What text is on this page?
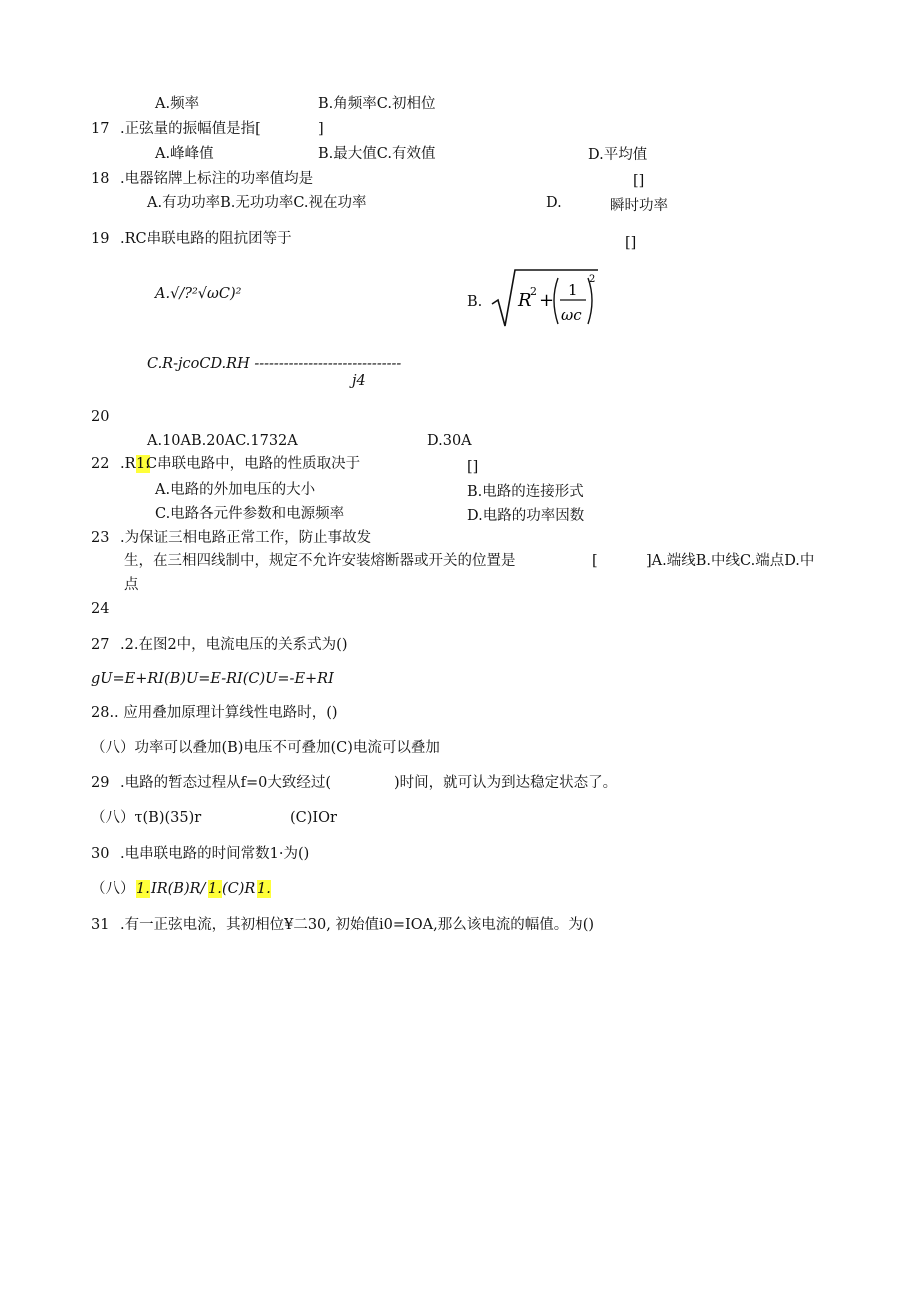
A.频率	B.角频率C.初相位
17 .正弦量的振幅值是指[	]
A.峰峰值	B.最大值C.有效值	D.平均值
18 .电器铭牌上标注的功率值均是	[]
A.有功功率B.无功功率C.视在功率	D.	瞬时功率
19 .RC串联电路的阻抗团等于	[]
A.√/?²√ωC)²	B. R
2 + 1
ωc
2
C.R-jcoCD.RH ------------------------------
j4
20
A.10AB.20AC.1732A	D.30A
22 .R 1.
C串联电路中，电路的性质取决于	[]
A.电路的外加电压的大小	B.电路的连接形式
C.电路各元件参数和电源频率	D.电路的功率因数
23 .为保证三相电路正常工作，防止事故发
生，在三相四线制中，规定不允许安装熔断器或开关的位置是	[	]A.端线B.中线C.端点D.中
点
24
27 .2.在图2中，电流电压的关系式为()
gU=E+RI(B)U=E-RI(C)U=-E+RI
28.. 应用叠加原理计算线性电路时，()
（八）功率可以叠加(B)电压不可叠加(C)电流可以叠加
29 .电路的暂态过程从f=0大致经过(	)时间，就可认为到达稳定状态了。
（八）τ(B)(35)r	(C)IOr
30 .电串联电路的时间常数1·为()
（八） 1. IR(B)R/ 1. (C)R 1.
31 .有一正弦电流，其初相位¥二30, 初始值i0=IOA,那么该电流的幅值。为()
